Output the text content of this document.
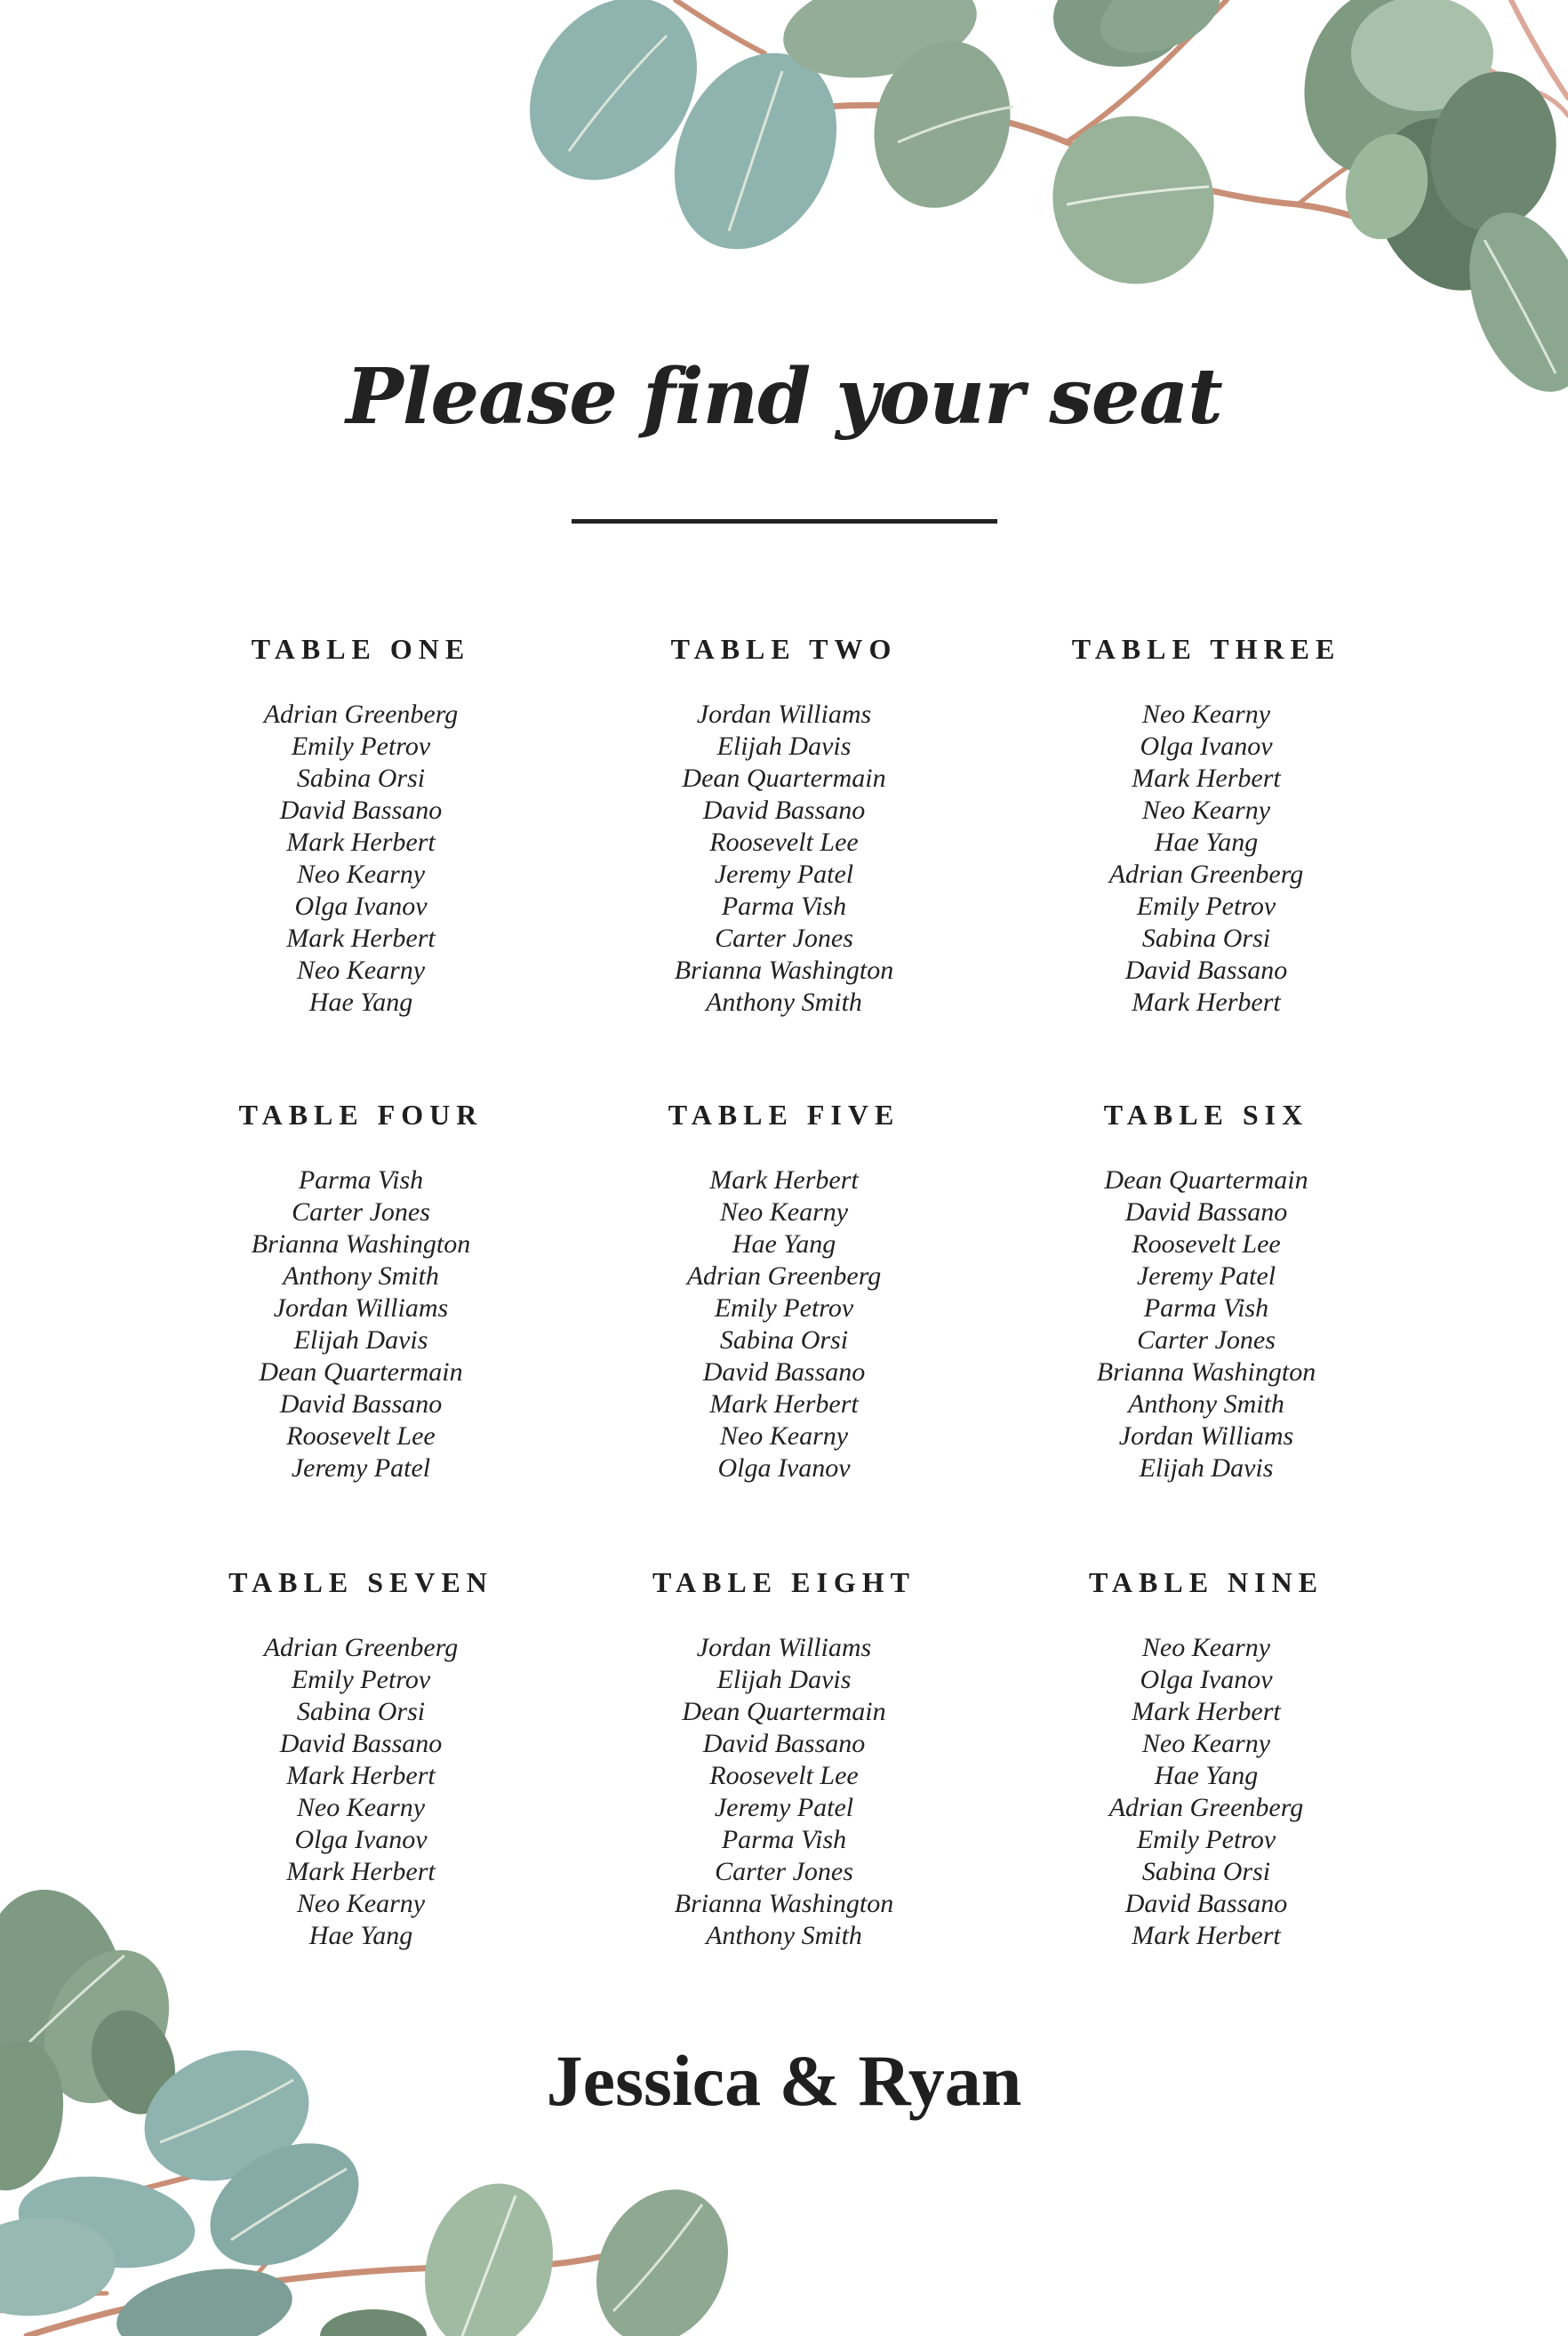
Please find your seat
TABLE ONE
Adrian Greenberg
Emily Petrov
Sabina Orsi
David Bassano
Mark Herbert
Neo Kearny
Olga Ivanov
Mark Herbert
Neo Kearny
Hae Yang
TABLE TWO
Jordan Williams
Elijah Davis
Dean Quartermain
David Bassano
Roosevelt Lee
Jeremy Patel
Parma Vish
Carter Jones
Brianna Washington
Anthony Smith
TABLE THREE
Neo Kearny
Olga Ivanov
Mark Herbert
Neo Kearny
Hae Yang
Adrian Greenberg
Emily Petrov
Sabina Orsi
David Bassano
Mark Herbert
TABLE FOUR
Parma Vish
Carter Jones
Brianna Washington
Anthony Smith
Jordan Williams
Elijah Davis
Dean Quartermain
David Bassano
Roosevelt Lee
Jeremy Patel
TABLE FIVE
Mark Herbert
Neo Kearny
Hae Yang
Adrian Greenberg
Emily Petrov
Sabina Orsi
David Bassano
Mark Herbert
Neo Kearny
Olga Ivanov
TABLE SIX
Dean Quartermain
David Bassano
Roosevelt Lee
Jeremy Patel
Parma Vish
Carter Jones
Brianna Washington
Anthony Smith
Jordan Williams
Elijah Davis
TABLE SEVEN
Adrian Greenberg
Emily Petrov
Sabina Orsi
David Bassano
Mark Herbert
Neo Kearny
Olga Ivanov
Mark Herbert
Neo Kearny
Hae Yang
TABLE EIGHT
Jordan Williams
Elijah Davis
Dean Quartermain
David Bassano
Roosevelt Lee
Jeremy Patel
Parma Vish
Carter Jones
Brianna Washington
Anthony Smith
TABLE NINE
Neo Kearny
Olga Ivanov
Mark Herbert
Neo Kearny
Hae Yang
Adrian Greenberg
Emily Petrov
Sabina Orsi
David Bassano
Mark Herbert
Jessica & Ryan
